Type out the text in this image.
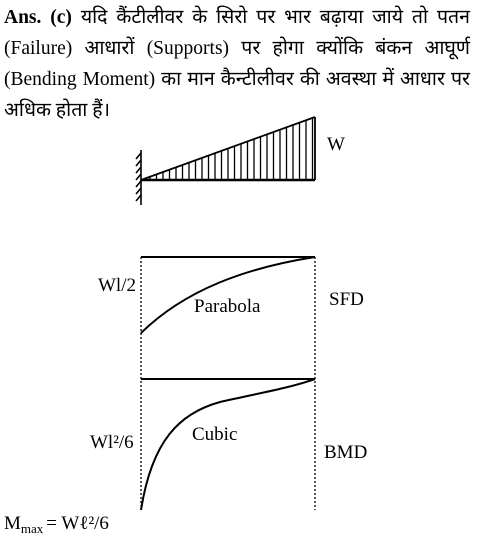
Ans. (c) यदि कैंटीलीवर के सिरो पर भार बढ़ाया जाये तो पतन (Failure) आधारों (Supports) पर होगा क्योंकि बंकन आघूर्ण (Bending Moment) का मान कैन्टीलीवर की अवस्था में आधार पर अधिक होता हैं।

W
Wl/2
Parabola	SFD
Wl²/6	Cubic
BMD
$M_{max}$ = Wℓ²/6
